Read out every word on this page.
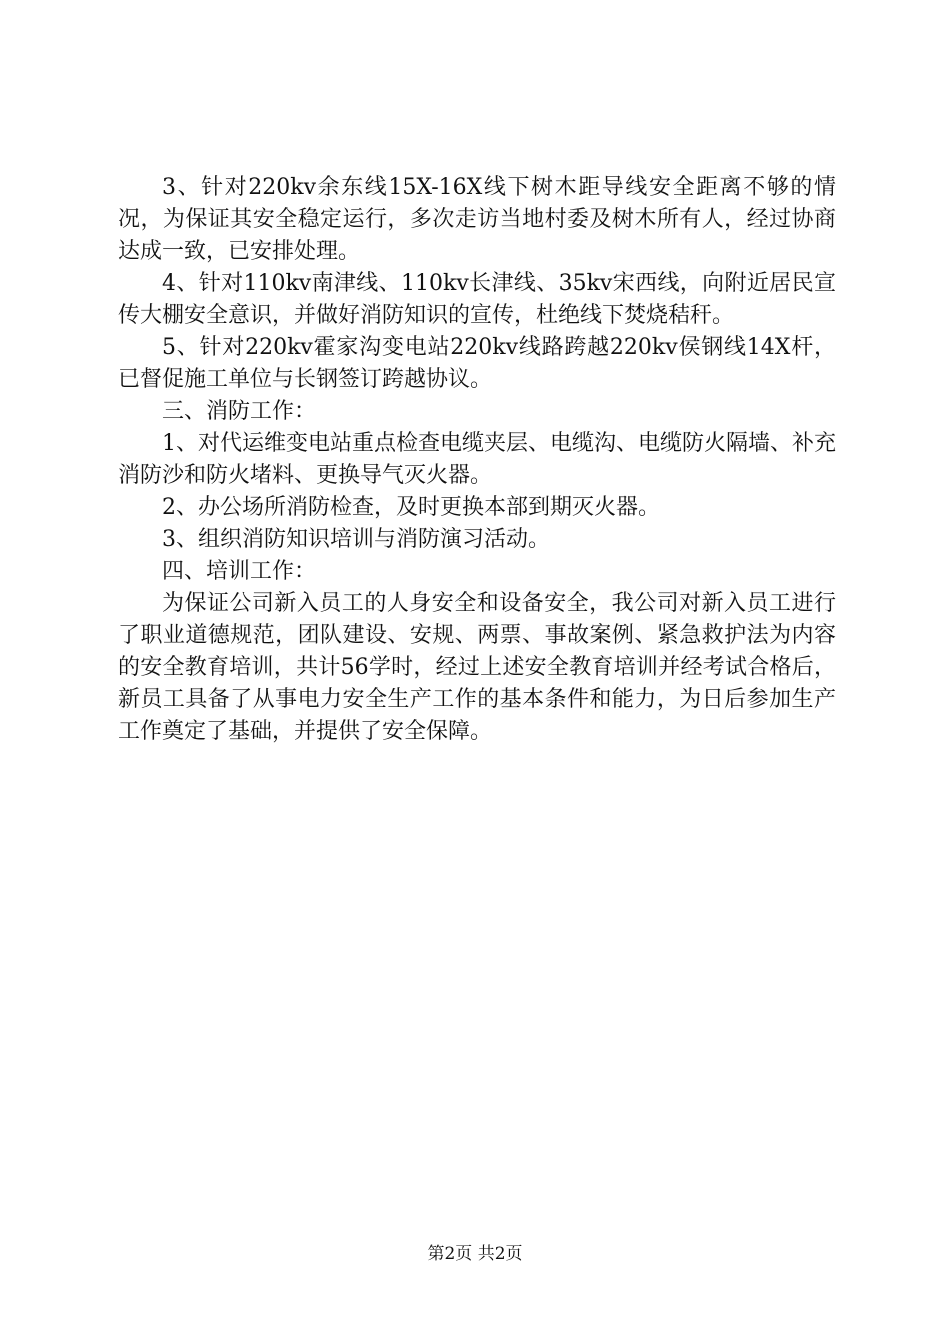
3、针对220kv余东线15X-16X线下树木距导线安全距离不够的情况，为保证其安全稳定运行，多次走访当地村委及树木所有人，经过协商达成一致，已安排处理。

4、针对110kv南津线、110kv长津线、35kv宋西线，向附近居民宣传大棚安全意识，并做好消防知识的宣传，杜绝线下焚烧秸秆。

5、针对220kv霍家沟变电站220kv线路跨越220kv侯钢线14X杆，已督促施工单位与长钢签订跨越协议。

三、消防工作：

1、对代运维变电站重点检查电缆夹层、电缆沟、电缆防火隔墙、补充消防沙和防火堵料、更换导气灭火器。

2、办公场所消防检查，及时更换本部到期灭火器。

3、组织消防知识培训与消防演习活动。

四、培训工作：

为保证公司新入员工的人身安全和设备安全，我公司对新入员工进行了职业道德规范，团队建设、安规、两票、事故案例、紧急救护法为内容的安全教育培训，共计56学时，经过上述安全教育培训并经考试合格后，新员工具备了从事电力安全生产工作的基本条件和能力，为日后参加生产工作奠定了基础，并提供了安全保障。

第2页 共2页
